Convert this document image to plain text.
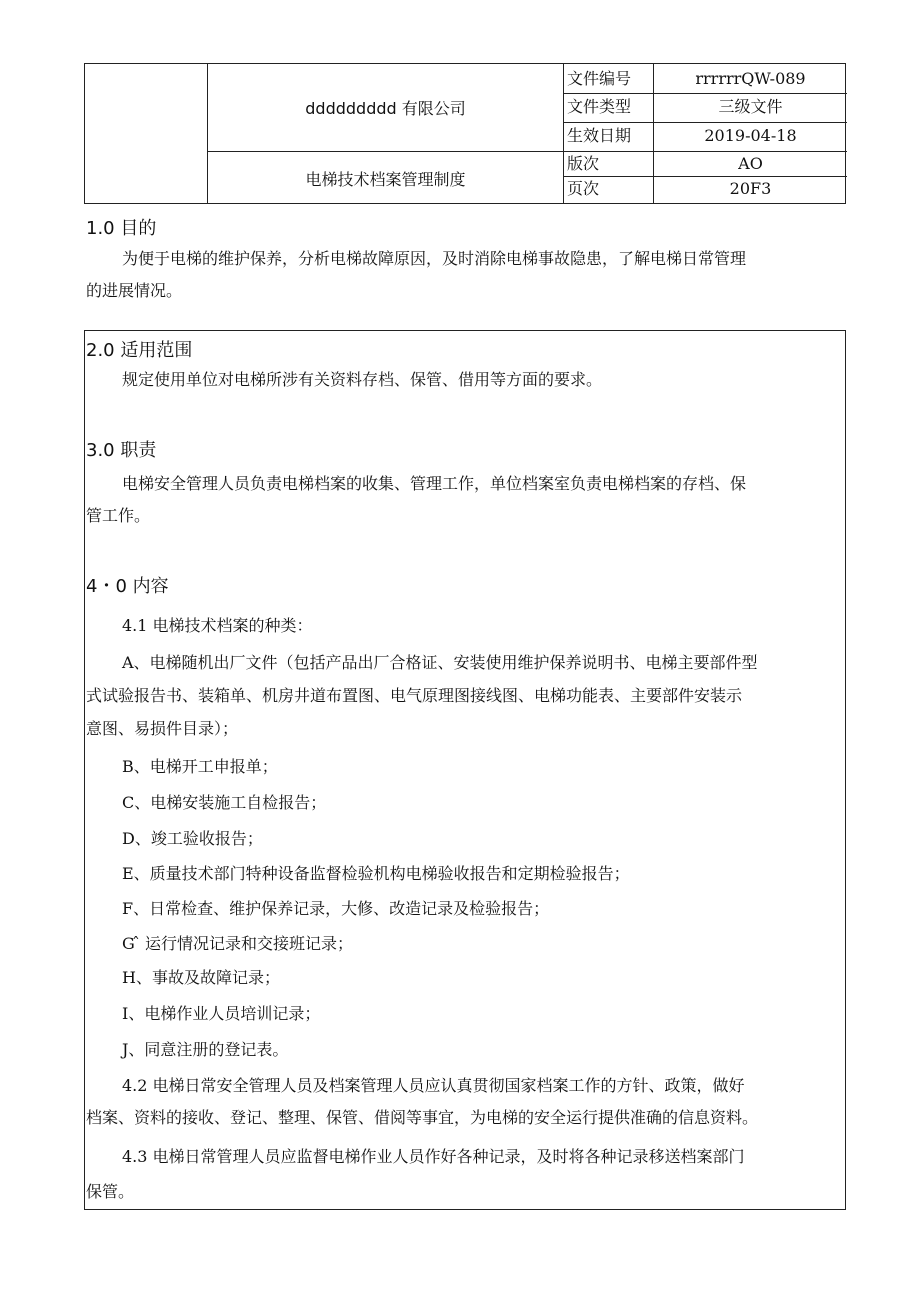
ddddddddd 有限公司
电梯技术档案管理制度
文件编号	rrrrrrQW-089
文件类型	三级文件
生效日期	2019-04-18
版次	AO
页次	20F3
1.0 目的
为便于电梯的维护保养，分析电梯故障原因，及时消除电梯事故隐患，了解电梯日常管理
的进展情况。
2.0 适用范围
规定使用单位对电梯所涉有关资料存档、保管、借用等方面的要求。
3.0 职责
电梯安全管理人员负责电梯档案的收集、管理工作，单位档案室负责电梯档案的存档、保
管工作。
4・0 内容
4.1 电梯技术档案的种类：
A、电梯随机出厂文件（包括产品出厂合格证、安装使用维护保养说明书、电梯主要部件型
式试验报告书、装箱单、机房井道布置图、电气原理图接线图、电梯功能表、主要部件安装示
意图、易损件目录）；
B、电梯开工申报单；
C、电梯安装施工自检报告；
D、竣工验收报告；
E、质量技术部门特种设备监督检验机构电梯验收报告和定期检验报告；
F、日常检查、维护保养记录，大修、改造记录及检验报告；
G ̂ 运行情况记录和交接班记录；
H、事故及故障记录；
I、电梯作业人员培训记录；
J、同意注册的登记表。
4.2 电梯日常安全管理人员及档案管理人员应认真贯彻国家档案工作的方针、政策，做好
档案、资料的接收、登记、整理、保管、借阅等事宜，为电梯的安全运行提供准确的信息资料。
4.3 电梯日常管理人员应监督电梯作业人员作好各种记录，及时将各种记录移送档案部门
保管。
